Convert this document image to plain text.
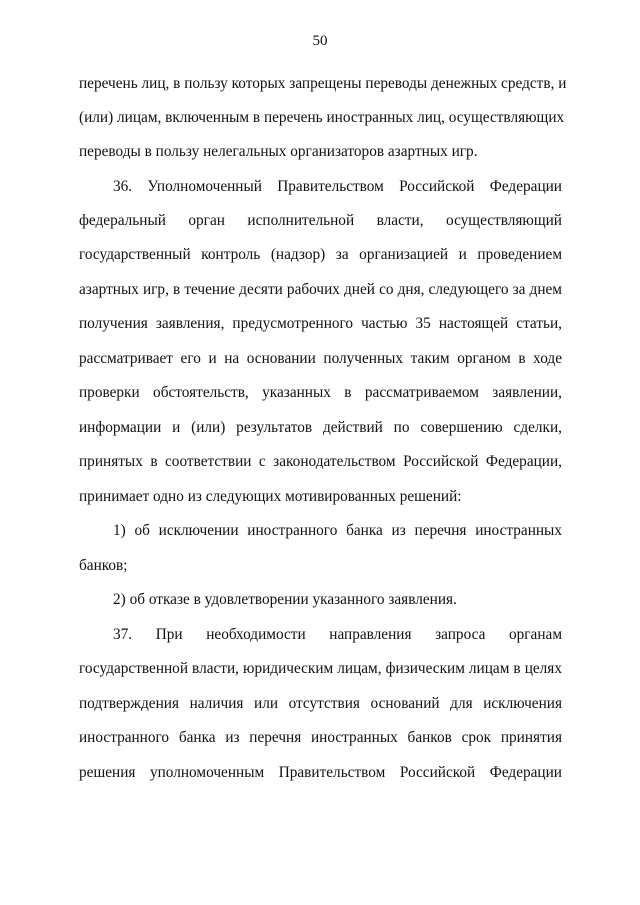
50
перечень лиц, в пользу которых запрещены переводы денежных средств, и
(или) лицам, включенным в перечень иностранных лиц, осуществляющих
переводы в пользу нелегальных организаторов азартных игр.
36. Уполномоченный Правительством Российской Федерации
федеральный орган исполнительной власти, осуществляющий
государственный контроль (надзор) за организацией и проведением
азартных игр, в течение десяти рабочих дней со дня, следующего за днем
получения заявления, предусмотренного частью 35 настоящей статьи,
рассматривает его и на основании полученных таким органом в ходе
проверки обстоятельств, указанных в рассматриваемом заявлении,
информации и (или) результатов действий по совершению сделки,
принятых в соответствии с законодательством Российской Федерации,
принимает одно из следующих мотивированных решений:
1) об исключении иностранного банка из перечня иностранных
банков;
2) об отказе в удовлетворении указанного заявления.
37. При необходимости направления запроса органам
государственной власти, юридическим лицам, физическим лицам в целях
подтверждения наличия или отсутствия оснований для исключения
иностранного банка из перечня иностранных банков срок принятия
решения уполномоченным Правительством Российской Федерации
